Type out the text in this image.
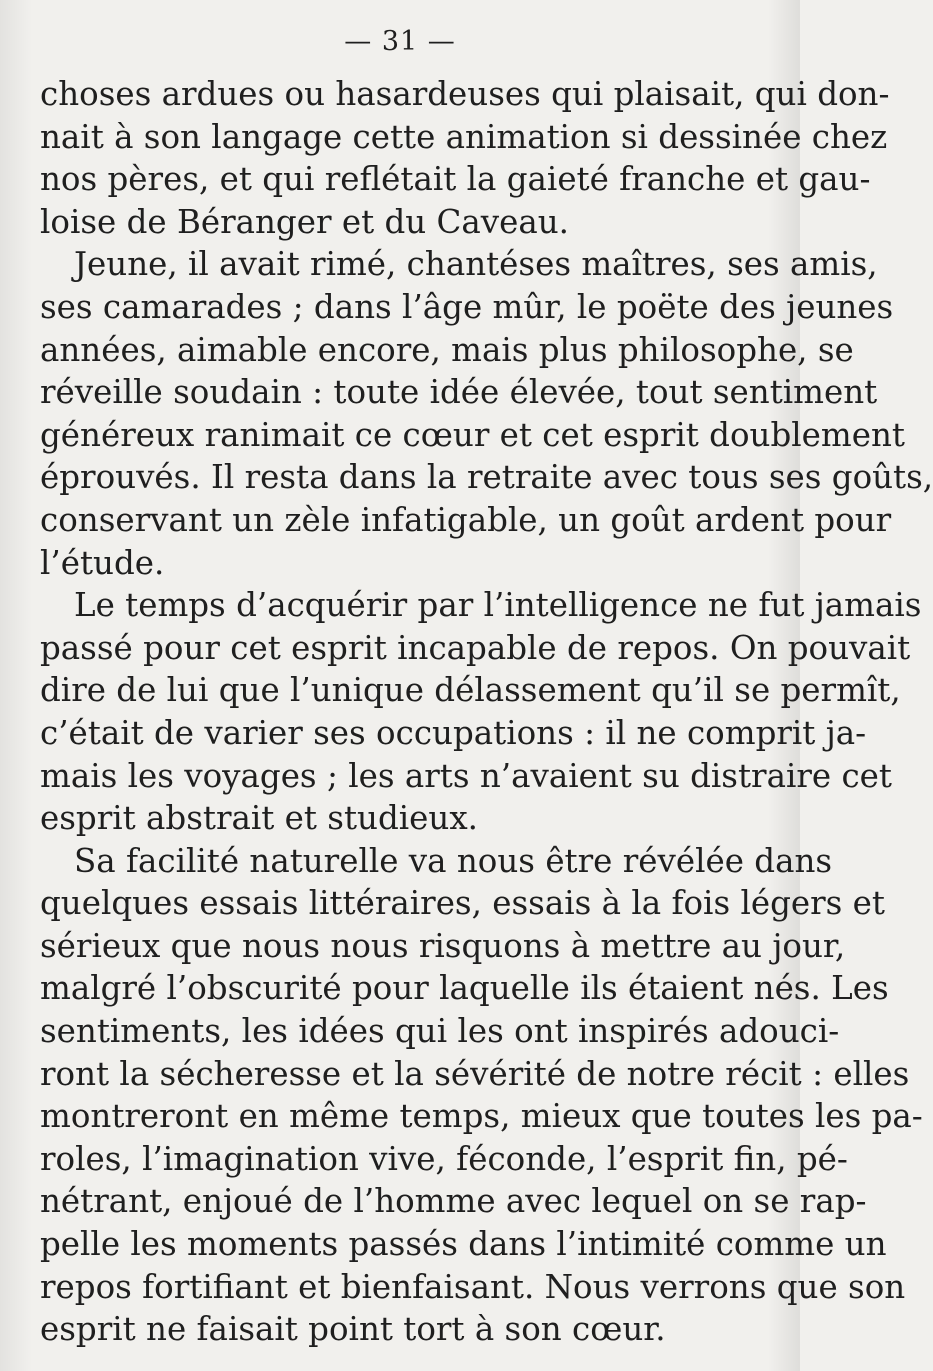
— 31 —
choses ardues ou hasardeuses qui plaisait, qui don-
nait à son langage cette animation si dessinée chez
nos pères, et qui reflétait la gaieté franche et gau-
loise de Béranger et du Caveau.
Jeune, il avait rimé, chantéses maîtres, ses amis,
ses camarades ; dans l’âge mûr, le poëte des jeunes
années, aimable encore, mais plus philosophe, se
réveille soudain : toute idée élevée, tout sentiment
généreux ranimait ce cœur et cet esprit doublement
éprouvés. Il resta dans la retraite avec tous ses goûts,
conservant un zèle infatigable, un goût ardent pour
l’étude.
Le temps d’acquérir par l’intelligence ne fut jamais
passé pour cet esprit incapable de repos. On pouvait
dire de lui que l’unique délassement qu’il se permît,
c’était de varier ses occupations : il ne comprit ja-
mais les voyages ; les arts n’avaient su distraire cet
esprit abstrait et studieux.
Sa facilité naturelle va nous être révélée dans
quelques essais littéraires, essais à la fois légers et
sérieux que nous nous risquons à mettre au jour,
malgré l’obscurité pour laquelle ils étaient nés. Les
sentiments, les idées qui les ont inspirés adouci-
ront la sécheresse et la sévérité de notre récit : elles
montreront en même temps, mieux que toutes les pa-
roles, l’imagination vive, féconde, l’esprit fin, pé-
nétrant, enjoué de l’homme avec lequel on se rap-
pelle les moments passés dans l’intimité comme un
repos fortifiant et bienfaisant. Nous verrons que son
esprit ne faisait point tort à son cœur.
